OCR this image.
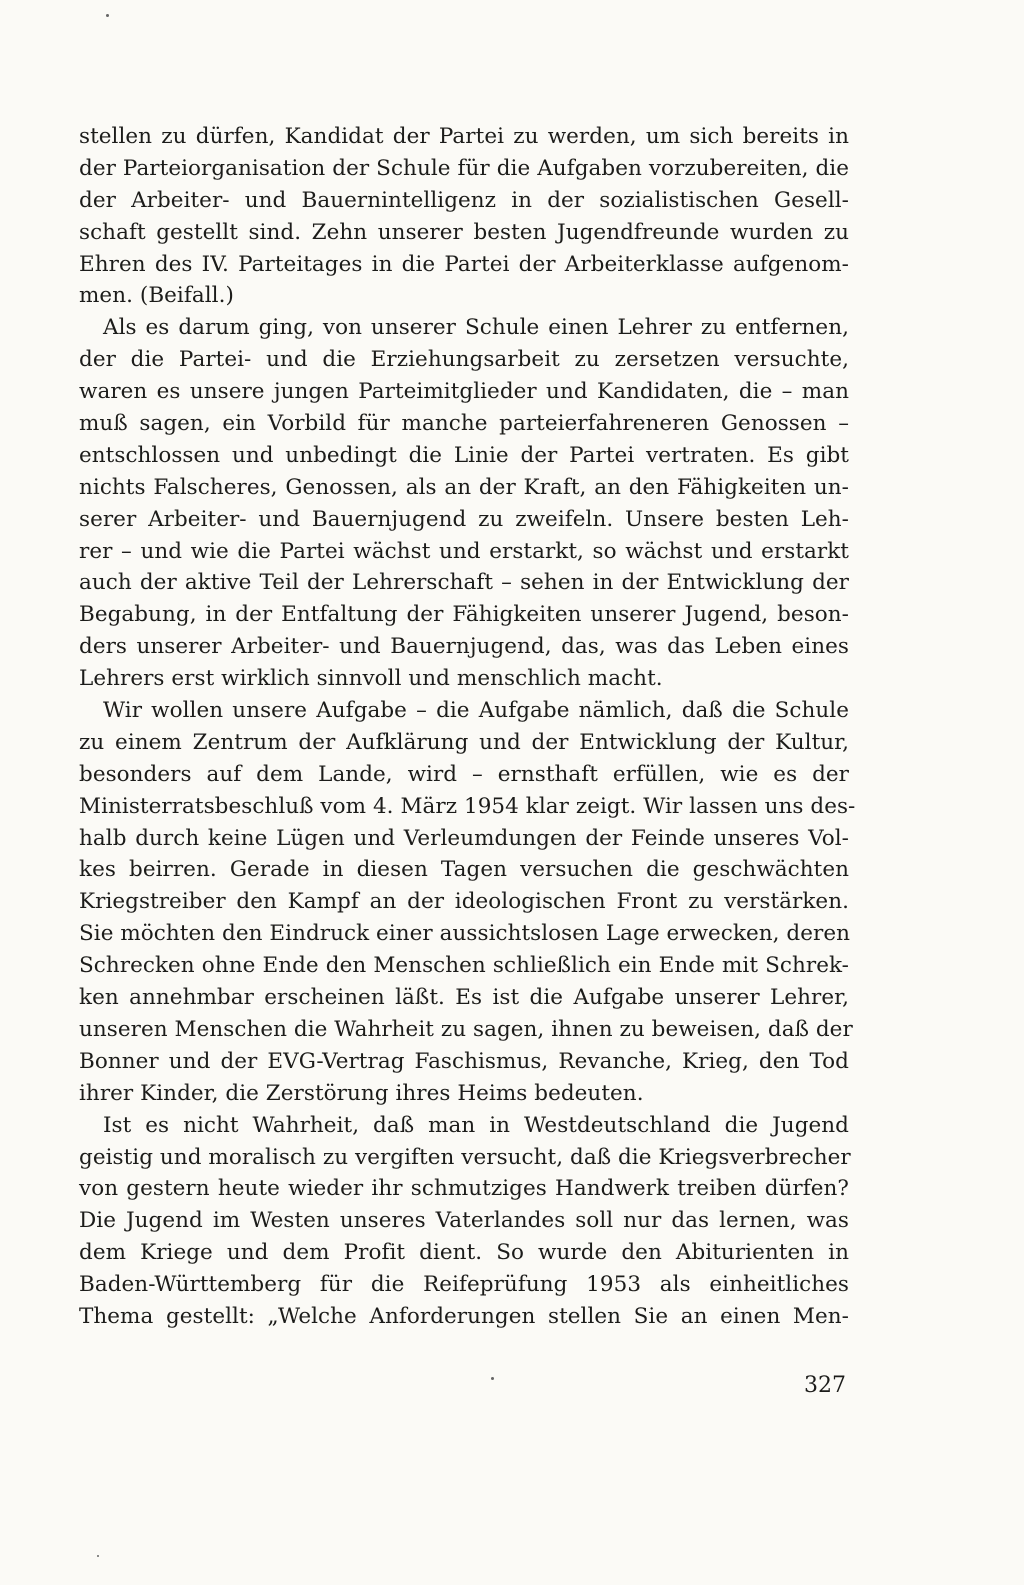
stellen zu dürfen, Kandidat der Partei zu werden, um sich bereits in
der Parteiorganisation der Schule für die Aufgaben vorzubereiten, die
der Arbeiter- und Bauernintelligenz in der sozialistischen Gesell-
schaft gestellt sind. Zehn unserer besten Jugendfreunde wurden zu
Ehren des IV. Parteitages in die Partei der Arbeiterklasse aufgenom-
men. (Beifall.)
Als es darum ging, von unserer Schule einen Lehrer zu entfernen,
der die Partei- und die Erziehungsarbeit zu zersetzen versuchte,
waren es unsere jungen Parteimitglieder und Kandidaten, die – man
muß sagen, ein Vorbild für manche parteierfahreneren Genossen –
entschlossen und unbedingt die Linie der Partei vertraten. Es gibt
nichts Falscheres, Genossen, als an der Kraft, an den Fähigkeiten un-
serer Arbeiter- und Bauernjugend zu zweifeln. Unsere besten Leh-
rer – und wie die Partei wächst und erstarkt, so wächst und erstarkt
auch der aktive Teil der Lehrerschaft – sehen in der Entwicklung der
Begabung, in der Entfaltung der Fähigkeiten unserer Jugend, beson-
ders unserer Arbeiter- und Bauernjugend, das, was das Leben eines
Lehrers erst wirklich sinnvoll und menschlich macht.
Wir wollen unsere Aufgabe – die Aufgabe nämlich, daß die Schule
zu einem Zentrum der Aufklärung und der Entwicklung der Kultur,
besonders auf dem Lande, wird – ernsthaft erfüllen, wie es der
Ministerratsbeschluß vom 4. März 1954 klar zeigt. Wir lassen uns des-
halb durch keine Lügen und Verleumdungen der Feinde unseres Vol-
kes beirren. Gerade in diesen Tagen versuchen die geschwächten
Kriegstreiber den Kampf an der ideologischen Front zu verstärken.
Sie möchten den Eindruck einer aussichtslosen Lage erwecken, deren
Schrecken ohne Ende den Menschen schließlich ein Ende mit Schrek-
ken annehmbar erscheinen läßt. Es ist die Aufgabe unserer Lehrer,
unseren Menschen die Wahrheit zu sagen, ihnen zu beweisen, daß der
Bonner und der EVG-Vertrag Faschismus, Revanche, Krieg, den Tod
ihrer Kinder, die Zerstörung ihres Heims bedeuten.
Ist es nicht Wahrheit, daß man in Westdeutschland die Jugend
geistig und moralisch zu vergiften versucht, daß die Kriegsverbrecher
von gestern heute wieder ihr schmutziges Handwerk treiben dürfen?
Die Jugend im Westen unseres Vaterlandes soll nur das lernen, was
dem Kriege und dem Profit dient. So wurde den Abiturienten in
Baden-Württemberg für die Reifeprüfung 1953 als einheitliches
Thema gestellt: „Welche Anforderungen stellen Sie an einen Men-
327
